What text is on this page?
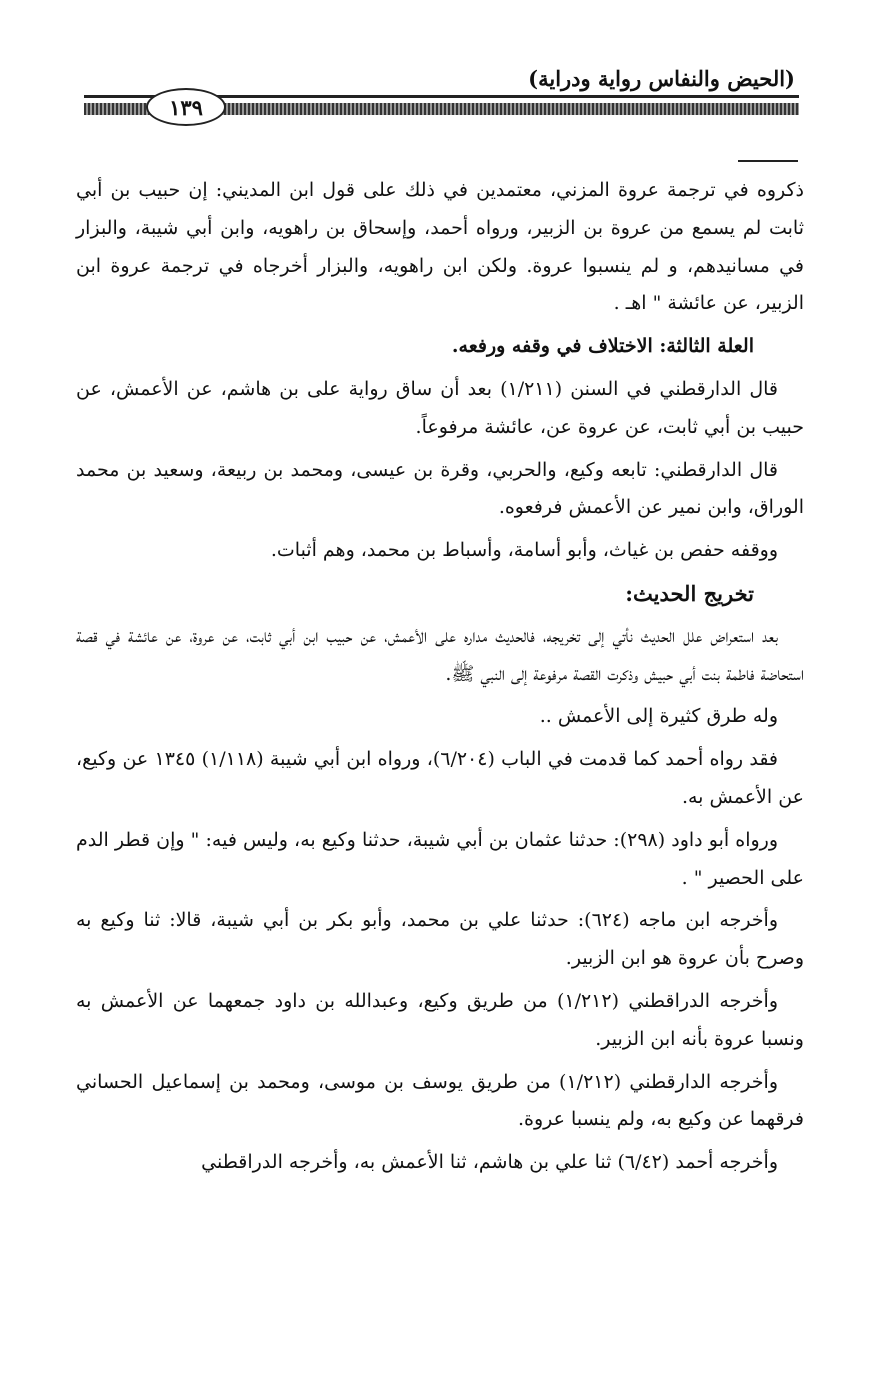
(الحيض والنفاس رواية ودراية)
١٣٩

ذكروه في ترجمة عروة المزني، معتمدين في ذلك على قول ابن المديني: إن حبيب بن أبي ثابت لم يسمع من عروة بن الزبير، ورواه أحمد، وإسحاق بن راهويه، وابن أبي شيبة، والبزار في مسانيدهم، و لم ينسبوا عروة. ولكن ابن راهويه، والبزار أخرجاه في ترجمة عروة ابن الزبير، عن عائشة " اهـ .

العلة الثالثة: الاختلاف في وقفه ورفعه.

قال الدارقطني في السنن (١/٢١١) بعد أن ساق رواية على بن هاشم، عن الأعمش، عن حبيب بن أبي ثابت، عن عروة عن، عائشة مرفوعاً.

قال الدارقطني: تابعه وكيع، والحربي، وقرة بن عيسى، ومحمد بن ربيعة، وسعيد بن محمد الوراق، وابن نمير عن الأعمش فرفعوه.

ووقفه حفص بن غياث، وأبو أسامة، وأسباط بن محمد، وهم أثبات.

تخريج الحديث:

بعد استعراض علل الحديث نأتي إلى تخريجه، فالحديث مداره على الأعمش، عن حبيب ابن أبي ثابت، عن عروة، عن عائشة في قصة استحاضة فاطمة بنت أبي حبيش وذكرت القصة مرفوعة إلى النبي ﷺ.

وله طرق كثيرة إلى الأعمش ..

فقد رواه أحمد كما قدمت في الباب (٦/٢٠٤)، ورواه ابن أبي شيبة (١/١١٨) ١٣٤٥ عن وكيع، عن الأعمش به.

ورواه أبو داود (٢٩٨): حدثنا عثمان بن أبي شيبة، حدثنا وكيع به، وليس فيه: " وإن قطر الدم على الحصير " .

وأخرجه ابن ماجه (٦٢٤): حدثنا علي بن محمد، وأبو بكر بن أبي شيبة، قالا: ثنا وكيع به وصرح بأن عروة هو ابن الزبير.

وأخرجه الدراقطني (١/٢١٢) من طريق وكيع، وعبدالله بن داود جمعهما عن الأعمش به ونسبا عروة بأنه ابن الزبير.

وأخرجه الدارقطني (١/٢١٢) من طريق يوسف بن موسى، ومحمد بن إسماعيل الحساني فرقهما عن وكيع به، ولم ينسبا عروة.

وأخرجه أحمد (٦/٤٢) ثنا علي بن هاشم، ثنا الأعمش به، وأخرجه الدراقطني
